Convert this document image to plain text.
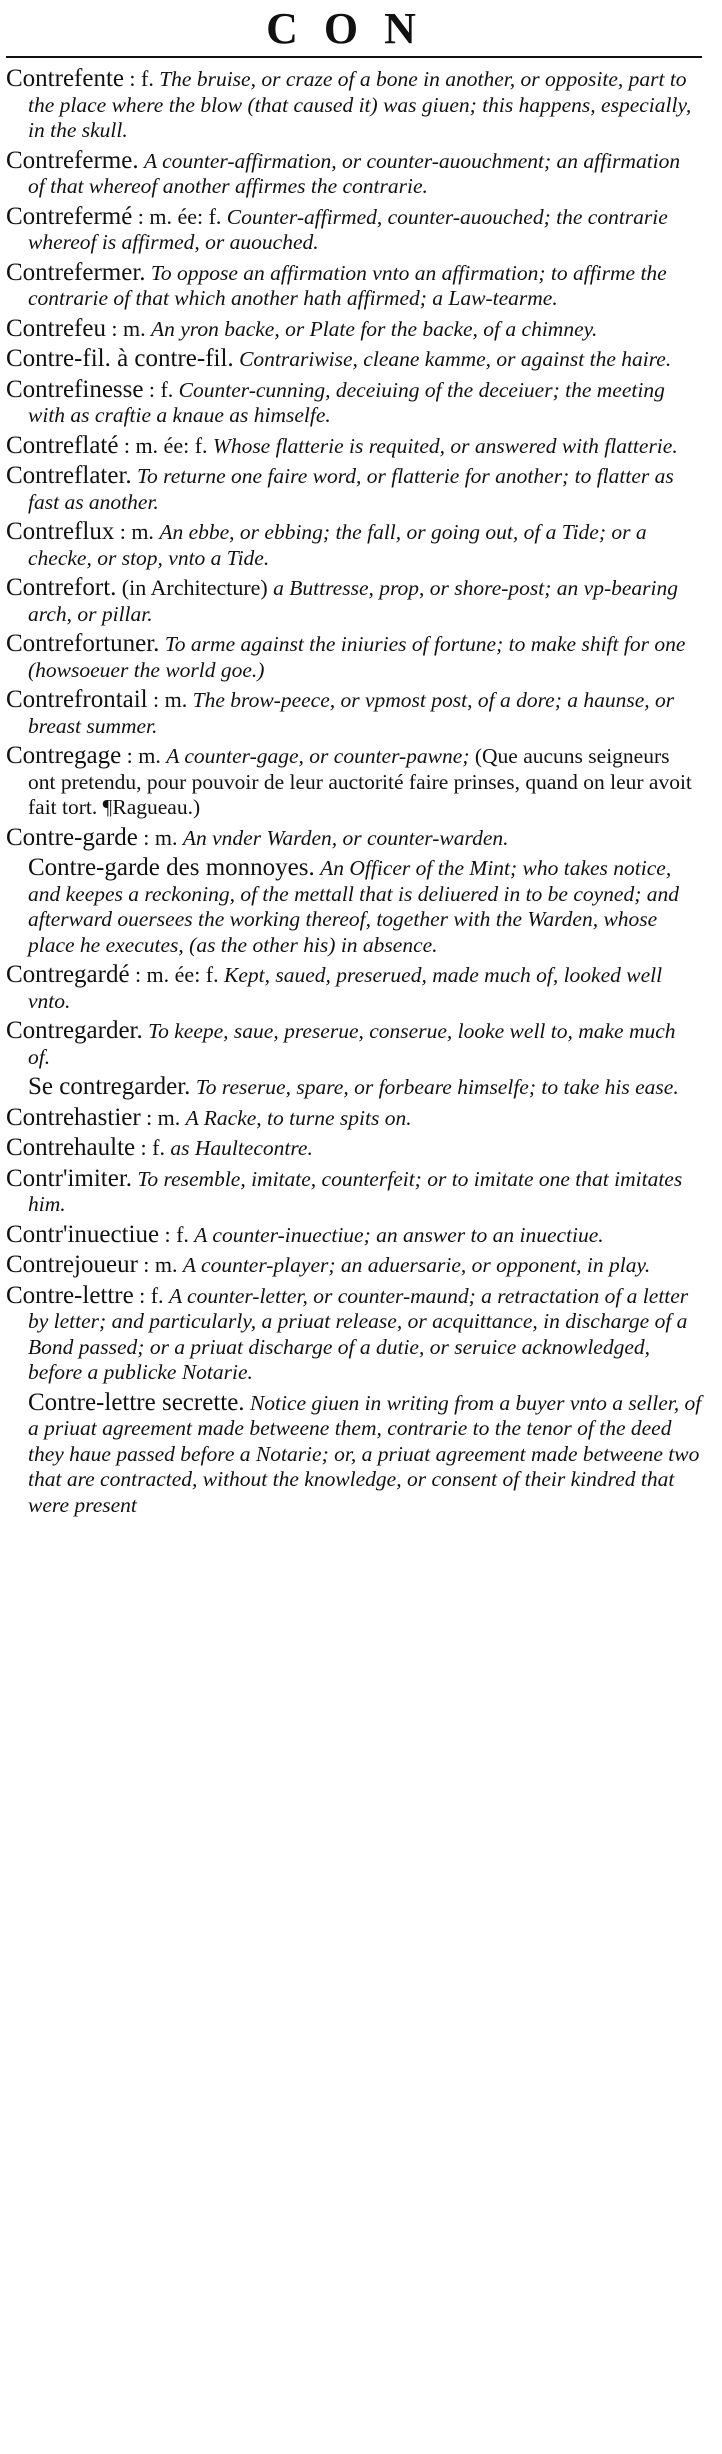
CON

Contrefente : f. The bruise, or craze of a bone in another, or opposite, part to the place where the blow (that caused it) was giuen; this happens, especially, in the skull.

Contreferme. A counter-affirmation, or counter-auouchment; an affirmation of that whereof another affirmes the contrarie.

Contrefermé : m. ée: f. Counter-affirmed, counter-auouched; the contrarie whereof is affirmed, or auouched.

Contrefermer. To oppose an affirmation vnto an affirmation; to affirme the contrarie of that which another hath affirmed; a Law-tearme.

Contrefeu : m. An yron backe, or Plate for the backe, of a chimney.

Contre-fil. à contre-fil. Contrariwise, cleane kamme, or against the haire.

Contrefinesse : f. Counter-cunning, deceiuing of the deceiuer; the meeting with as craftie a knaue as himselfe.

Contreflaté : m. ée: f. Whose flatterie is requited, or answered with flatterie.

Contreflater. To returne one faire word, or flatterie for another; to flatter as fast as another.

Contreflux : m. An ebbe, or ebbing; the fall, or going out, of a Tide; or a checke, or stop, vnto a Tide.

Contrefort. (in Architecture) a Buttresse, prop, or shore-post; an vp-bearing arch, or pillar.

Contrefortuner. To arme against the iniuries of fortune; to make shift for one (howsoeuer the world goe.)

Contrefrontail : m. The brow-peece, or vpmost post, of a dore; a haunse, or breast summer.

Contregage : m. A counter-gage, or counter-pawne; (Que aucuns seigneurs ont pretendu, pour pouvoir de leur auctorité faire prinses, quand on leur avoit fait tort. ¶Ragueau.)

Contre-garde : m. An vnder Warden, or counter-warden.

Contre-garde des monnoyes. An Officer of the Mint; who takes notice, and keepes a reckoning, of the mettall that is deliuered in to be coyned; and afterward ouersees the working thereof, together with the Warden, whose place he executes, (as the other his) in absence.

Contregardé : m. ée: f. Kept, saued, preserued, made much of, looked well vnto.

Contregarder. To keepe, saue, preserue, conserue, looke well to, make much of.

Se contregarder. To reserue, spare, or forbeare himselfe; to take his ease.

Contrehastier : m. A Racke, to turne spits on.

Contrehaulte : f. as Haultecontre.

Contr'imiter. To resemble, imitate, counterfeit; or to imitate one that imitates him.

Contr'inuectiue : f. A counter-inuectiue; an answer to an inuectiue.

Contrejoueur : m. A counter-player; an aduersarie, or opponent, in play.

Contre-lettre : f. A counter-letter, or counter-maund; a retractation of a letter by letter; and particularly, a priuat release, or acquittance, in discharge of a Bond passed; or a priuat discharge of a dutie, or seruice acknowledged, before a publicke Notarie.

Contre-lettre secrette. Notice giuen in writing from a buyer vnto a seller, of a priuat agreement made betweene them, contrarie to the tenor of the deed they haue passed before a Notarie; or, a priuat agreement made betweene two that are contracted, without the knowledge, or consent of their kindred that were present
